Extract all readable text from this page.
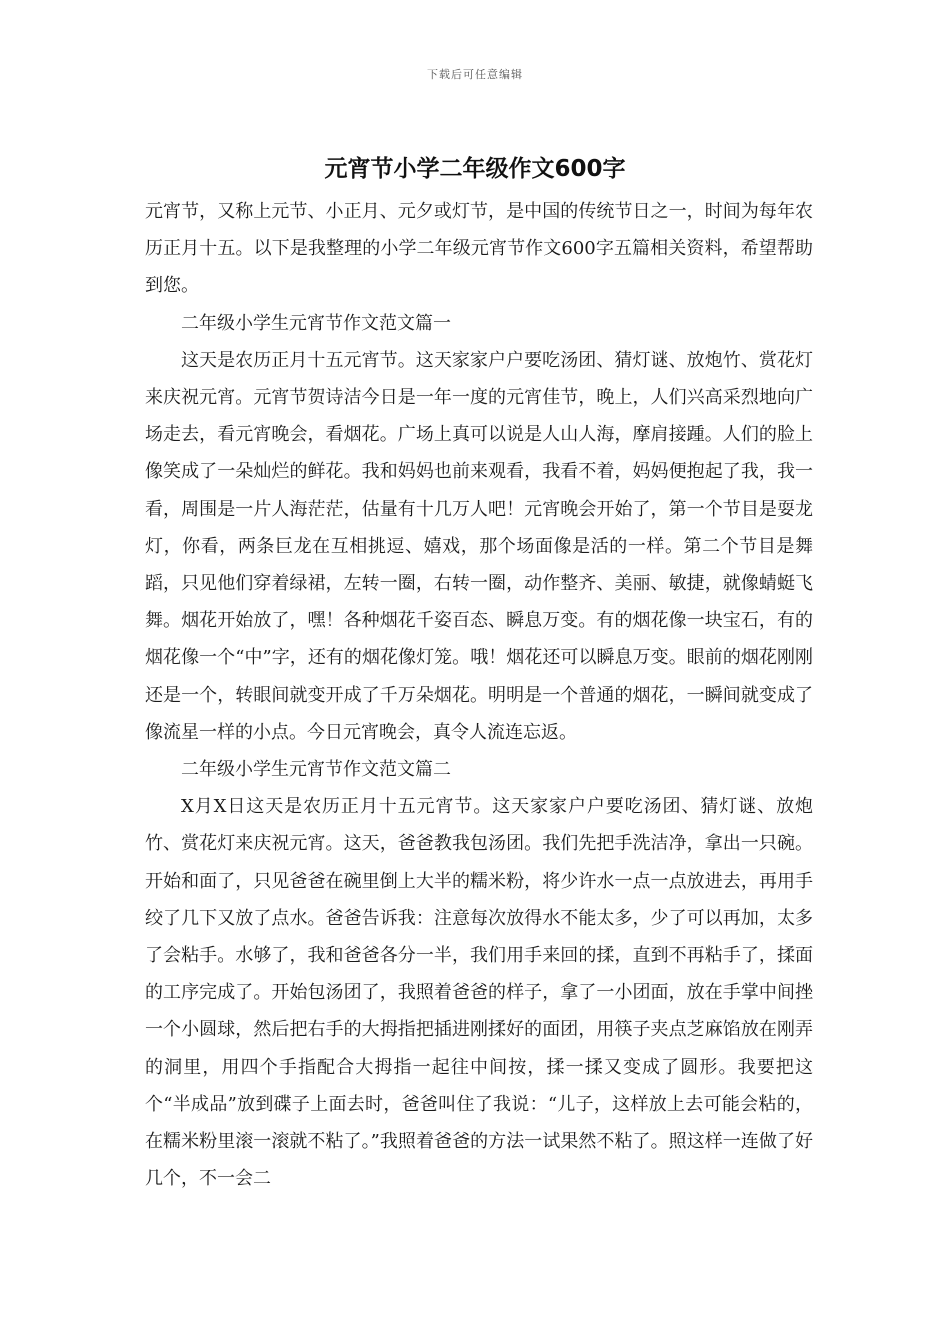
下载后可任意编辑
元宵节小学二年级作文600字

元宵节，又称上元节、小正月、元夕或灯节，是中国的传统节日之一，时间为每年农历正月十五。以下是我整理的小学二年级元宵节作文600字五篇相关资料，希望帮助到您。

二年级小学生元宵节作文范文篇一

这天是农历正月十五元宵节。这天家家户户要吃汤团、猜灯谜、放炮竹、赏花灯来庆祝元宵。元宵节贺诗洁今日是一年一度的元宵佳节，晚上，人们兴高采烈地向广场走去，看元宵晚会，看烟花。广场上真可以说是人山人海，摩肩接踵。人们的脸上像笑成了一朵灿烂的鲜花。我和妈妈也前来观看，我看不着，妈妈便抱起了我，我一看，周围是一片人海茫茫，估量有十几万人吧！元宵晚会开始了，第一个节目是耍龙灯，你看，两条巨龙在互相挑逗、嬉戏，那个场面像是活的一样。第二个节目是舞蹈，只见他们穿着绿裙，左转一圈，右转一圈，动作整齐、美丽、敏捷，就像蜻蜓飞舞。烟花开始放了，嘿！各种烟花千姿百态、瞬息万变。有的烟花像一块宝石，有的烟花像一个“中”字，还有的烟花像灯笼。哦！烟花还可以瞬息万变。眼前的烟花刚刚还是一个，转眼间就变开成了千万朵烟花。明明是一个普通的烟花，一瞬间就变成了像流星一样的小点。今日元宵晚会，真令人流连忘返。

二年级小学生元宵节作文范文篇二

X月X日这天是农历正月十五元宵节。这天家家户户要吃汤团、猜灯谜、放炮竹、赏花灯来庆祝元宵。这天，爸爸教我包汤团。我们先把手洗洁净，拿出一只碗。开始和面了，只见爸爸在碗里倒上大半的糯米粉，将少许水一点一点放进去，再用手绞了几下又放了点水。爸爸告诉我：注意每次放得水不能太多，少了可以再加，太多了会粘手。水够了，我和爸爸各分一半，我们用手来回的揉，直到不再粘手了，揉面的工序完成了。开始包汤团了，我照着爸爸的样子，拿了一小团面，放在手掌中间挫一个小圆球，然后把右手的大拇指把插进刚揉好的面团，用筷子夹点芝麻馅放在刚弄的洞里，用四个手指配合大拇指一起往中间按，揉一揉又变成了圆形。我要把这个“半成品”放到碟子上面去时，爸爸叫住了我说：“儿子，这样放上去可能会粘的，在糯米粉里滚一滚就不粘了。”我照着爸爸的方法一试果然不粘了。照这样一连做了好几个，不一会二
